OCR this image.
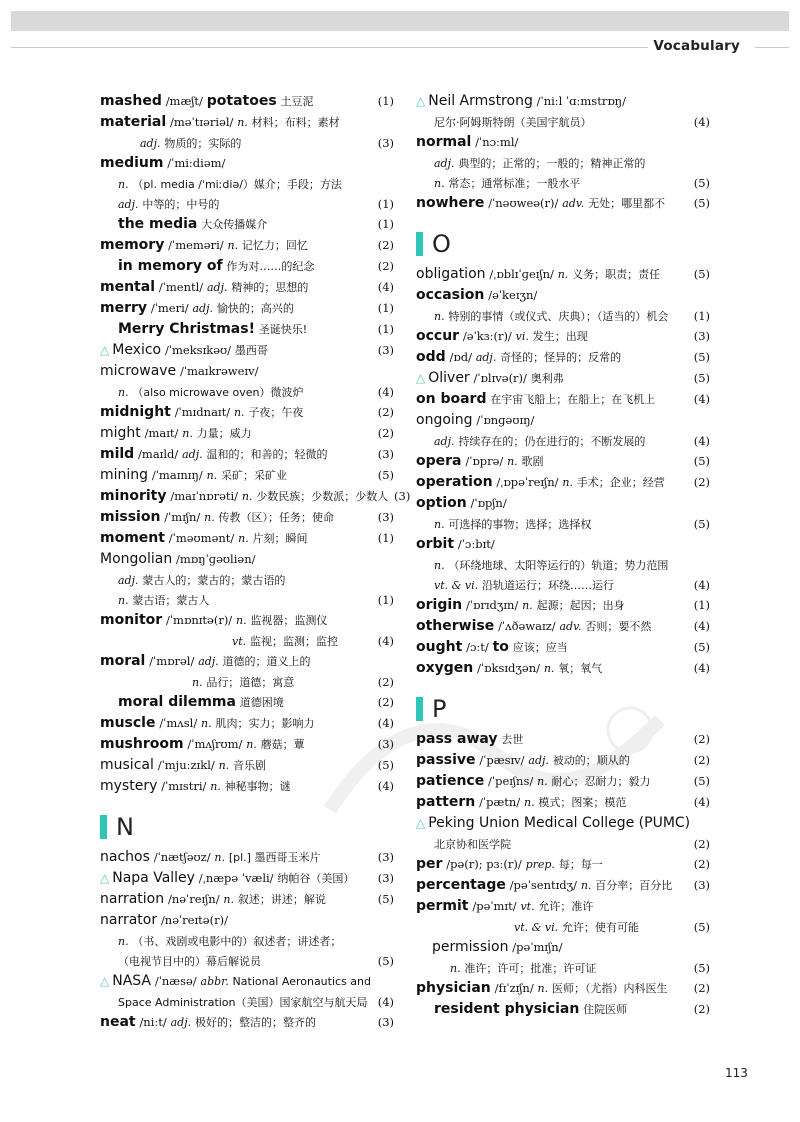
Vocabulary
mashed /mæʃt/ potatoes 土豆泥	(1)
material /məˈtɪəriəl/ n. 材料；布料；素材
adj. 物质的；实际的	(3)
medium /ˈmiːdiəm/
n. （pl. media /ˈmiːdiə/）媒介；手段；方法
adj. 中等的；中号的	(1)
the media 大众传播媒介	(1)
memory /ˈmeməri/ n. 记忆力；回忆	(2)
in memory of 作为对……的纪念	(2)
mental /ˈmentl/ adj. 精神的；思想的	(4)
merry /ˈmeri/ adj. 愉快的；高兴的	(1)
Merry Christmas! 圣诞快乐!	(1)
△ Mexico /ˈmeksɪkəʊ/ 墨西哥	(3)
microwave /ˈmaɪkrəweɪv/
n. （also microwave oven）微波炉	(4)
midnight /ˈmɪdnaɪt/ n. 子夜；午夜	(2)
might /maɪt/ n. 力量；威力	(2)
mild /maɪld/ adj. 温和的；和善的；轻微的	(3)
mining /ˈmaɪnɪŋ/ n. 采矿；采矿业	(5)
minority /maɪˈnɒrəti/ n. 少数民族；少数派；少数人 (3)
mission /ˈmɪʃn/ n. 传教（区）；任务；使命	(3)
moment /ˈməʊmənt/ n. 片刻；瞬间	(1)
Mongolian /mɒŋˈɡəʊliən/
adj. 蒙古人的；蒙古的；蒙古语的
n. 蒙古语；蒙古人	(1)
monitor /ˈmɒnɪtə(r)/ n. 监视器；监测仪
vt. 监视；监测；监控	(4)
moral /ˈmɒrəl/ adj. 道德的；道义上的
n. 品行；道德；寓意	(2)
moral dilemma 道德困境	(2)
muscle /ˈmʌsl/ n. 肌肉；实力；影响力	(4)
mushroom /ˈmʌʃrʊm/ n. 蘑菇；蕈	(3)
musical /ˈmjuːzɪkl/ n. 音乐剧	(5)
mystery /ˈmɪstri/ n. 神秘事物；谜	(4)
N
nachos /ˈnætʃəʊz/ n. [pl.] 墨西哥玉米片	(3)
△ Napa Valley /ˌnæpə ˈvæli/ 纳帕谷（美国）	(3)
narration /nəˈreɪʃn/ n. 叙述；讲述；解说	(5)
narrator /nəˈreɪtə(r)/
n. （书、戏剧或电影中的）叙述者；讲述者；
（电视节目中的）幕后解说员	(5)
△ NASA /ˈnæsə/ abbr. National Aeronautics and
Space Administration（美国）国家航空与航天局 (4)
neat /niːt/ adj. 极好的；整洁的；整齐的	(3)
△ Neil Armstrong /ˈniːl ˈɑːmstrɒŋ/
尼尔·阿姆斯特朗（美国宇航员）	(4)
normal /ˈnɔːml/
adj. 典型的；正常的；一般的；精神正常的
n. 常态；通常标准；一般水平	(5)
nowhere /ˈnəʊweə(r)/ adv. 无处；哪里都不	(5)
O
obligation /ˌɒblɪˈɡeɪʃn/ n. 义务；职责；责任	(5)
occasion /əˈkeɪʒn/
n. 特别的事情（或仪式、庆典）；（适当的）机会	(1)
occur /əˈkɜː(r)/ vi. 发生；出现	(3)
odd /ɒd/ adj. 奇怪的；怪异的；反常的	(5)
△ Oliver /ˈɒlɪvə(r)/ 奥利弗	(5)
on board 在宇宙飞船上；在船上；在飞机上	(4)
ongoing /ˈɒnɡəʊɪŋ/
adj. 持续存在的；仍在进行的；不断发展的	(4)
opera /ˈɒprə/ n. 歌剧	(5)
operation /ˌɒpəˈreɪʃn/ n. 手术；企业；经营	(2)
option /ˈɒpʃn/
n. 可选择的事物；选择；选择权	(5)
orbit /ˈɔːbɪt/
n. （环绕地球、太阳等运行的）轨道；势力范围
vt. & vi. 沿轨道运行；环绕……运行	(4)
origin /ˈɒrɪdʒɪn/ n. 起源；起因；出身	(1)
otherwise /ˈʌðəwaɪz/ adv. 否则；要不然	(4)
ought /ɔːt/ to 应该；应当	(5)
oxygen /ˈɒksɪdʒən/ n. 氧；氧气	(4)
P
pass away 去世	(2)
passive /ˈpæsɪv/ adj. 被动的；顺从的	(2)
patience /ˈpeɪʃns/ n. 耐心；忍耐力；毅力	(5)
pattern /ˈpætn/ n. 模式；图案；模范	(4)
△ Peking Union Medical College (PUMC)
北京协和医学院	(2)
per /pə(r); pɜː(r)/ prep. 每；每一	(2)
percentage /pəˈsentɪdʒ/ n. 百分率；百分比	(3)
permit /pəˈmɪt/ vt. 允许；准许
vt. & vi. 允许；使有可能	(5)
permission /pəˈmɪʃn/
n. 准许；许可；批准；许可证	(5)
physician /fɪˈzɪʃn/ n. 医师；（尤指）内科医生	(2)
resident physician 住院医师	(2)
113
